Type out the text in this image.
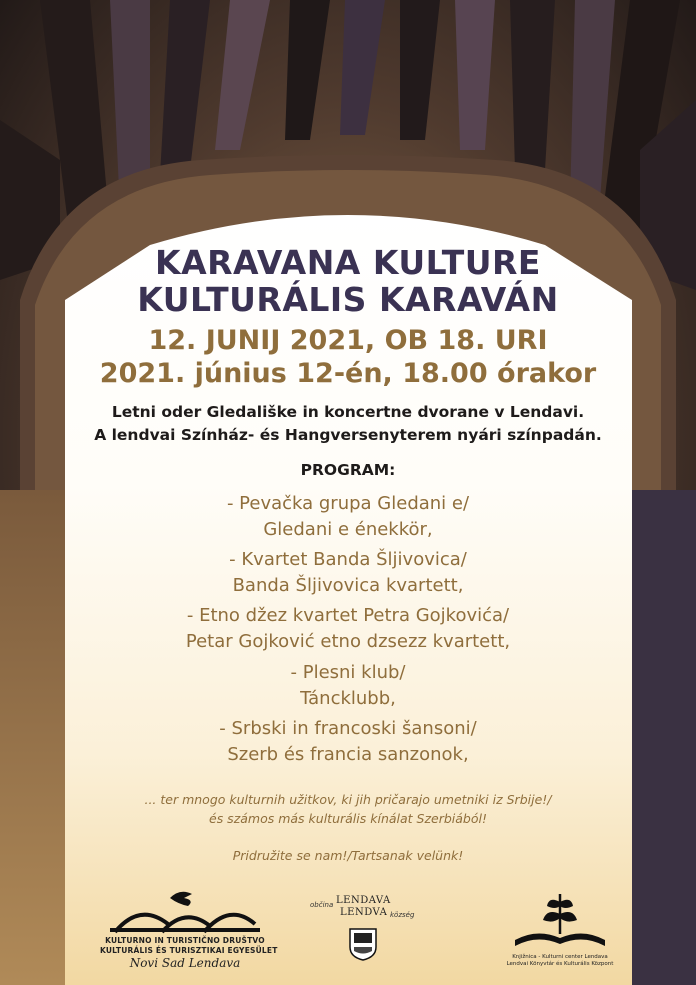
KARAVANA KULTURE
KULTURÁLIS KARAVÁN
12. JUNIJ 2021, OB 18. URI
2021. június 12-én, 18.00 órakor
Letni oder Gledališke in koncertne dvorane v Lendavi.
A lendvai Színház- és Hangversenyterem nyári színpadán.
PROGRAM:
- Pevačka grupa Gledani e/
Gledani e énekkör,
- Kvartet Banda Šljivovica/
Banda Šljivovica kvartett,
- Etno džez kvartet Petra Gojkovića/
Petar Gojković etno dzsezz kvartett,
- Plesni klub/
Táncklubb,
- Srbski in francoski šansoni/
Szerb és francia sanzonok,
... ter mnogo kulturnih užitkov, ki jih pričarajo umetniki iz Srbije!/
és számos más kulturális kínálat Szerbiából!
Pridružite se nam!/Tartsanak velünk!
KULTURNO IN TURISTIČNO DRUŠTVO
KULTURÁLIS ÉS TURISZTIKAI EGYESÜLET
Novi Sad Lendava
občina LENDAVA
LENDVA község
Knjižnica - Kulturni center Lendava
Lendvai Könyvtár és Kulturális Központ
